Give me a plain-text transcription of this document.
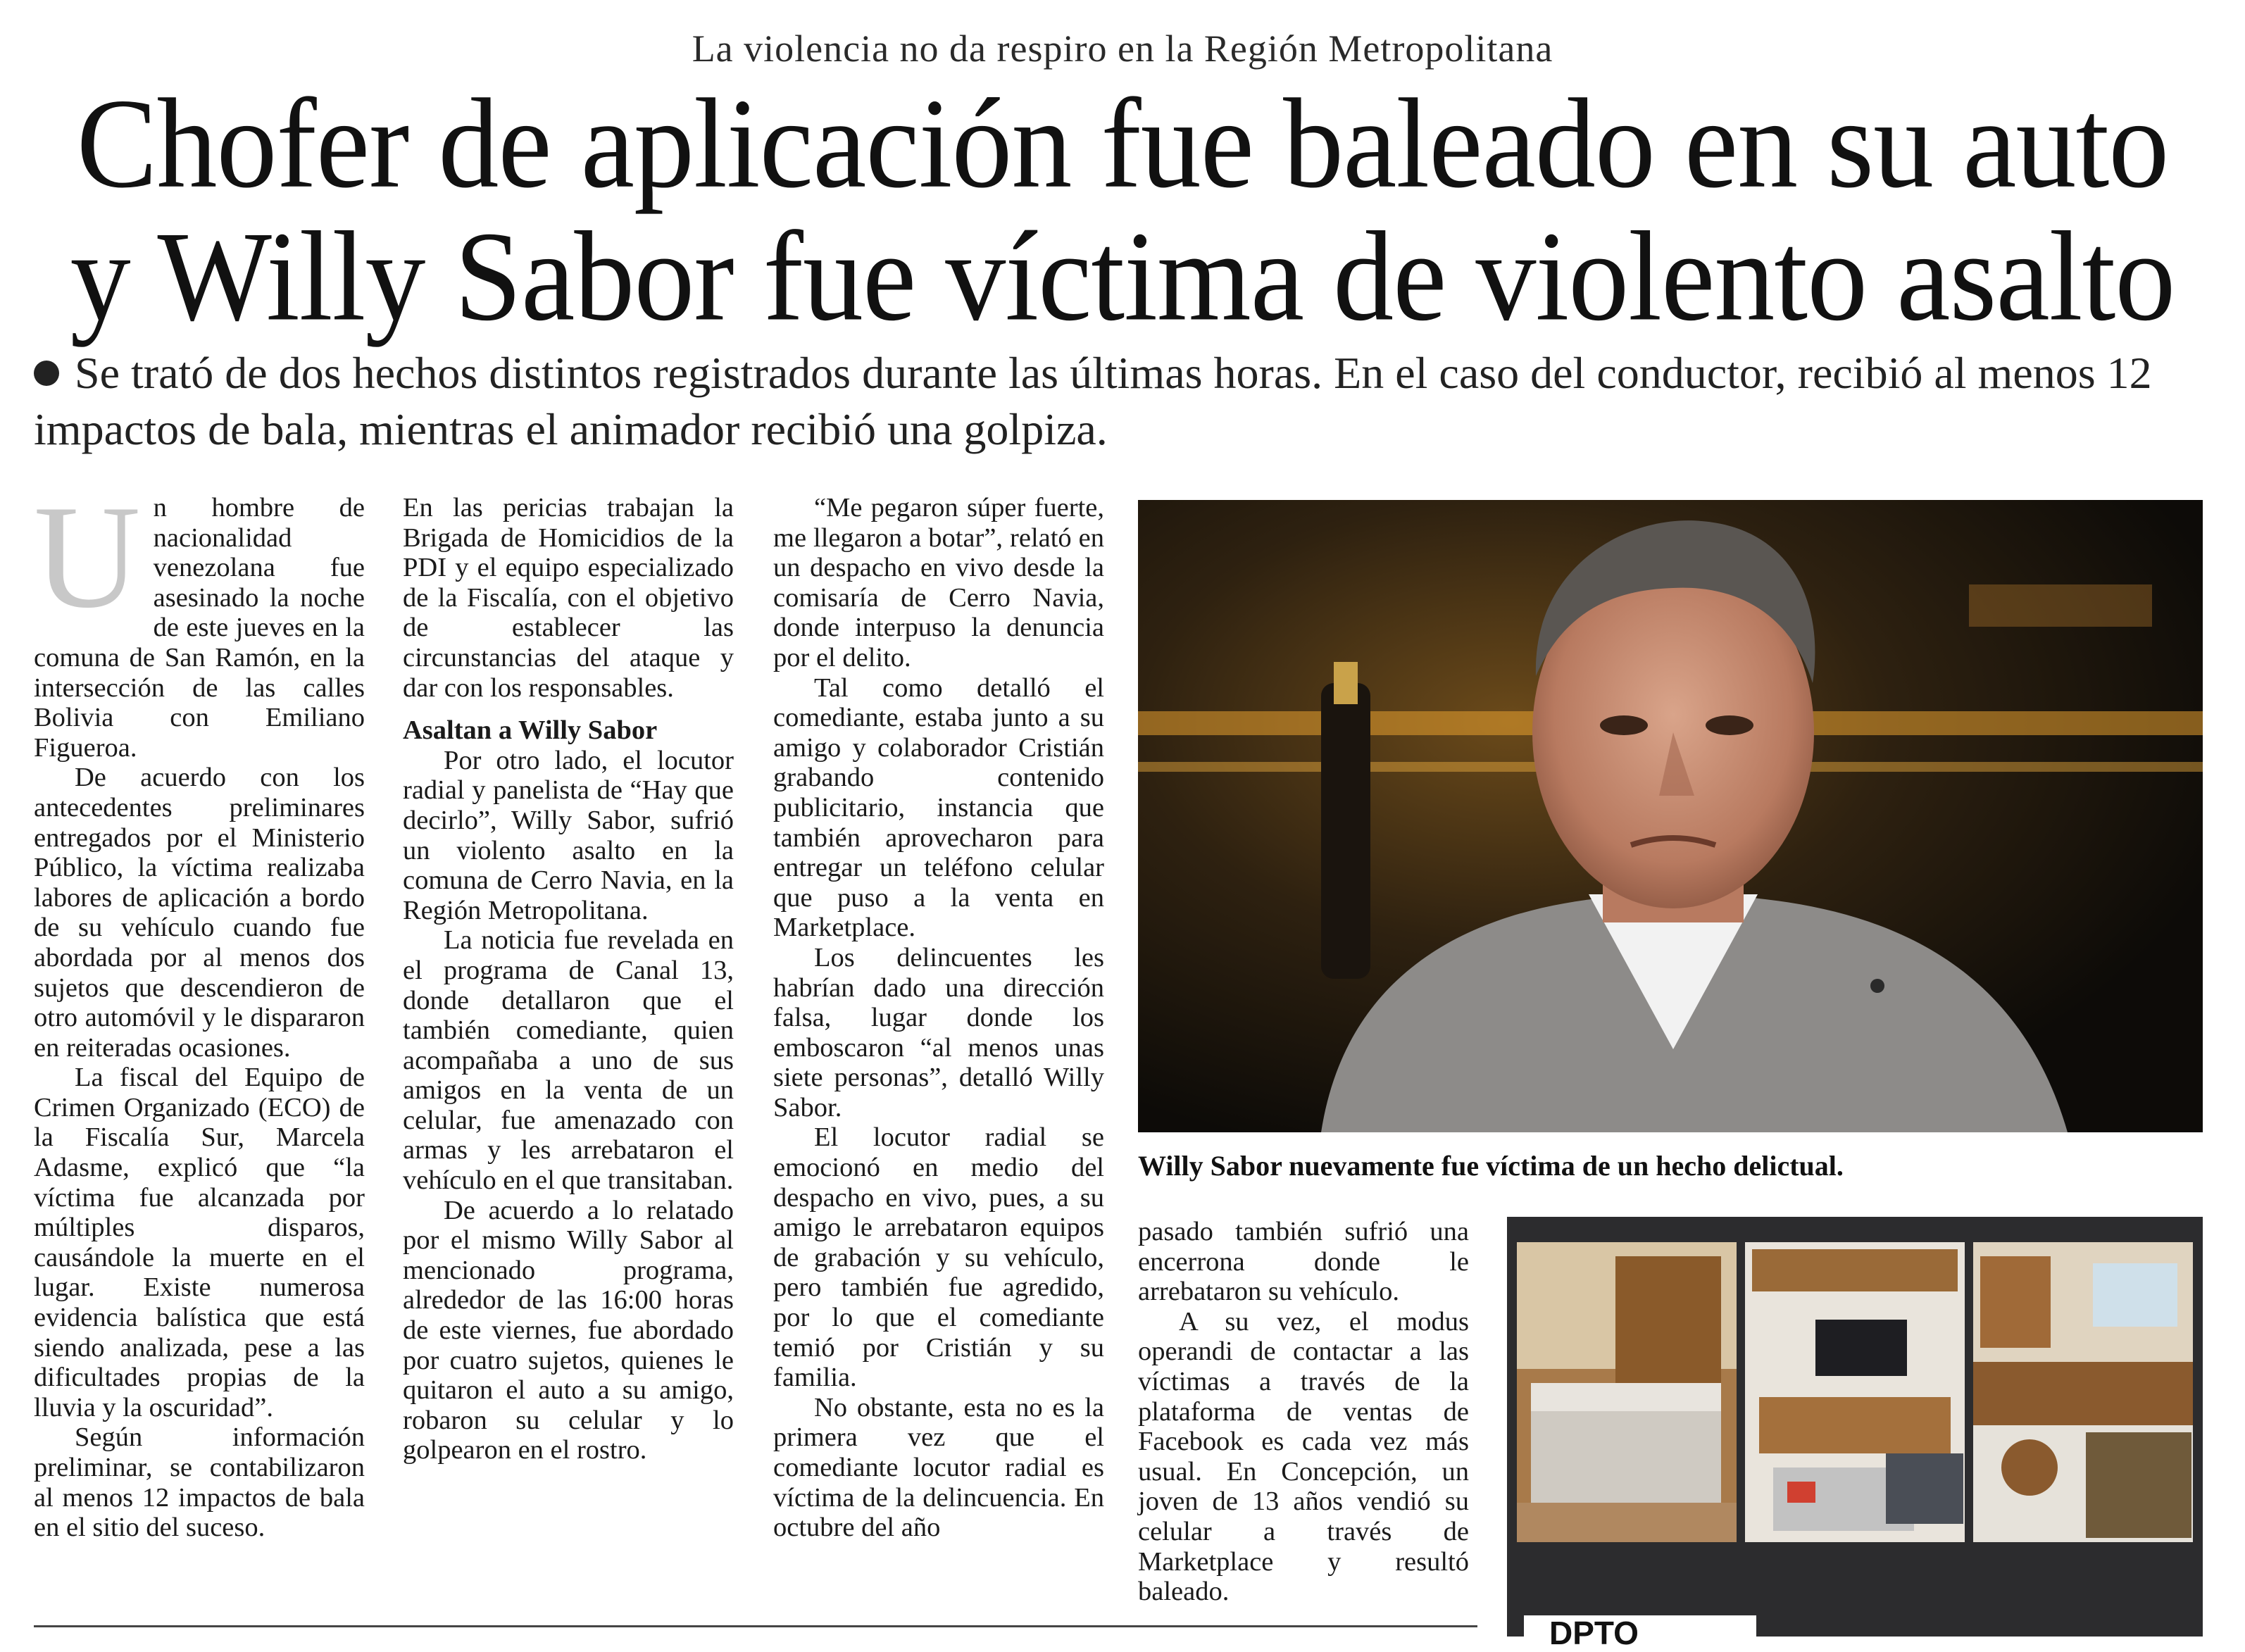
La violencia no da respiro en la Región Metropolitana
Chofer de aplicación fue baleado en su auto
y Willy Sabor fue víctima de violento asalto
Se trató de dos hechos distintos registrados durante las últimas horas. En el caso del conductor, recibió al menos 12 impactos de bala, mientras el animador recibió una golpiza.

Un hombre de nacionalidad venezolana fue asesinado la noche de este jueves en la comuna de San Ramón, en la intersección de las calles Bolivia con Emiliano Figueroa.

De acuerdo con los antecedentes preliminares entregados por el Ministerio Público, la víctima realizaba labores de aplicación a bordo de su vehículo cuando fue abordada por al menos dos sujetos que descendieron de otro automóvil y le dispararon en reiteradas ocasiones.

La fiscal del Equipo de Crimen Organizado (ECO) de la Fiscalía Sur, Marcela Adasme, explicó que “la víctima fue alcanzada por múltiples disparos, causándole la muerte en el lugar. Existe numerosa evidencia balística que está siendo analizada, pese a las dificultades propias de la lluvia y la oscuridad”.

Según información preliminar, se contabilizaron al menos 12 impactos de bala en el sitio del suceso.

En las pericias trabajan la Brigada de Homicidios de la PDI y el equipo especializado de la Fiscalía, con el objetivo de establecer las circunstancias del ataque y dar con los responsables.

Asaltan a Willy Sabor

Por otro lado, el locutor radial y panelista de “Hay que decirlo”, Willy Sabor, sufrió un violento asalto en la comuna de Cerro Navia, en la Región Metropolitana.

La noticia fue revelada en el programa de Canal 13, donde detallaron que el también comediante, quien acompañaba a uno de sus amigos en la venta de un celular, fue amenazado con armas y les arrebataron el vehículo en el que transitaban.

De acuerdo a lo relatado por el mismo Willy Sabor al mencionado programa, alrededor de las 16:00 horas de este viernes, fue abordado por cuatro sujetos, quienes le quitaron el auto a su amigo, robaron su celular y lo golpearon en el rostro.

“Me pegaron súper fuerte, me llegaron a botar”, relató en un despacho en vivo desde la comisaría de Cerro Navia, donde interpuso la denuncia por el delito.

Tal como detalló el comediante, estaba junto a su amigo y colaborador Cristián grabando contenido publicitario, instancia que también aprovecharon para entregar un teléfono celular que puso a la venta en Marketplace.

Los delincuentes les habrían dado una dirección falsa, lugar donde los emboscaron “al menos unas siete personas”, detalló Willy Sabor.

El locutor radial se emocionó en medio del despacho en vivo, pues, a su amigo le arrebataron equipos de grabación y su vehículo, pero también fue agredido, por lo que el comediante temió por Cristián y su familia.

No obstante, esta no es la primera vez que el comediante locutor radial es víctima de la delincuencia. En octubre del año

Willy Sabor nuevamente fue víctima de un hecho delictual.

pasado también sufrió una encerrona donde le arrebataron su vehículo.

A su vez, el modus operandi de contactar a las víctimas a través de la plataforma de ventas de Facebook es cada vez más usual. En Concepción, un joven de 13 años vendió su celular a través de Marketplace y resultó baleado.

DPTO
